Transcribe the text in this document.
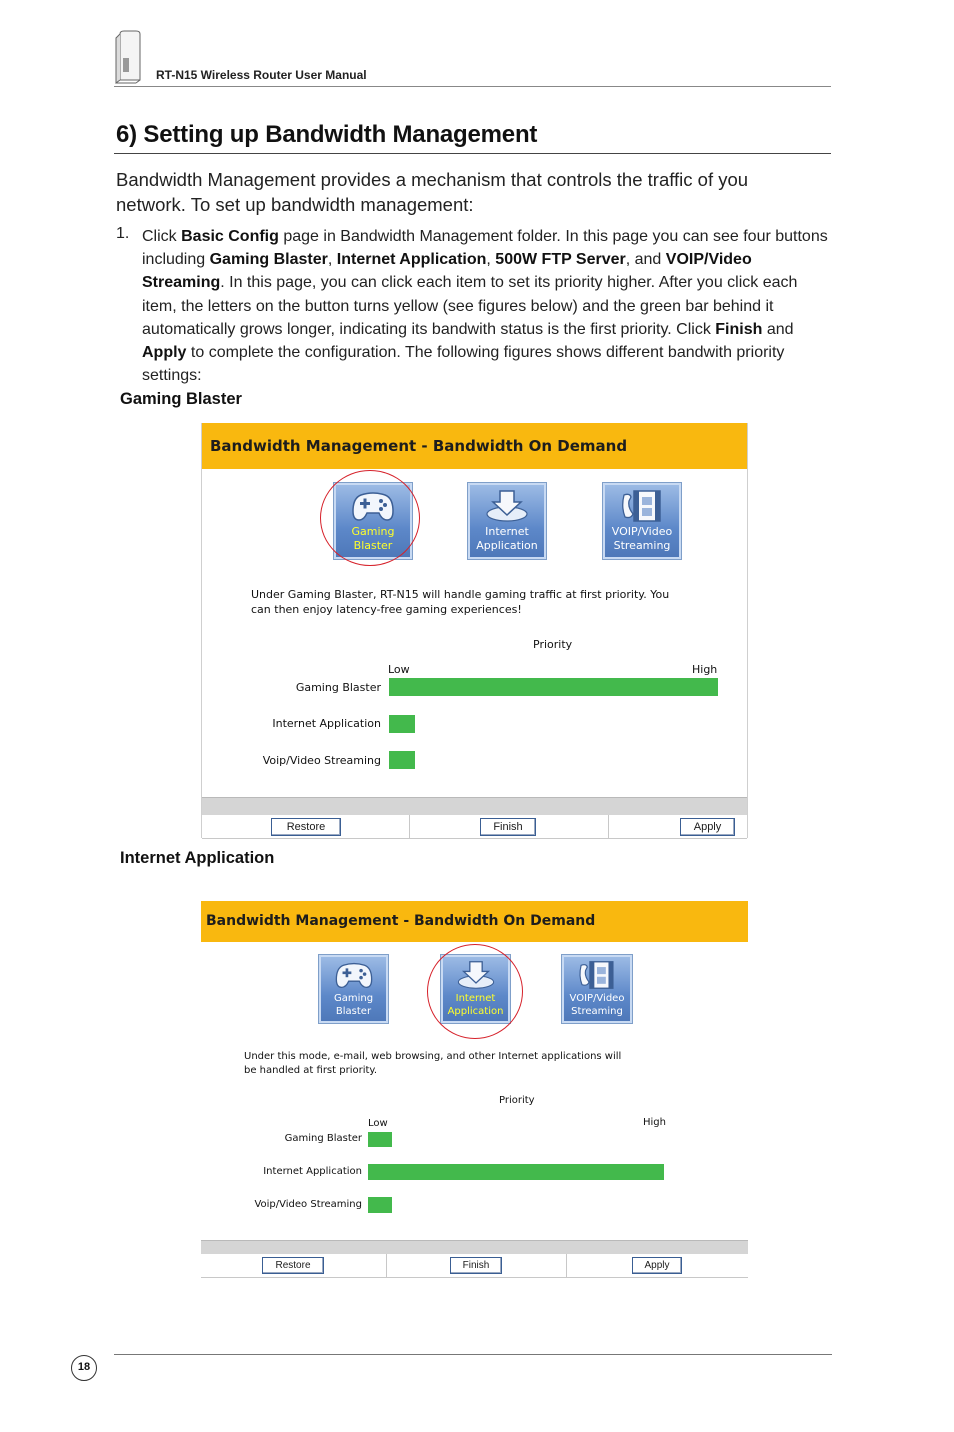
RT-N15 Wireless Router User Manual
6) Setting up Bandwidth Management
Bandwidth Management provides a mechanism that controls the traffic of you network. To set up bandwidth management:
1. Click Basic Config page in Bandwidth Management folder. In this page you can see four buttons including Gaming Blaster, Internet Application, 500W FTP Server, and VOIP/Video Streaming. In this page, you can click each item to set its priority higher. After you click each item, the letters on the button turns yellow (see figures below) and the green bar behind it automatically grows longer, indicating its bandwith status is the first priority. Click Finish and Apply to complete the configuration. The following figures shows different bandwith priority settings:
Gaming Blaster
Bandwidth Management - Bandwidth On Demand
Gaming
Blaster
Internet
Application
VOIP/Video
Streaming
Under Gaming Blaster, RT-N15 will handle gaming traffic at first priority. You
can then enjoy latency-free gaming experiences!
Priority
Low	High
Gaming Blaster
Internet Application
Voip/Video Streaming
Restore	Finish	Apply
Internet Application
Bandwidth Management - Bandwidth On Demand
Gaming
Blaster
Internet
Application
VOIP/Video
Streaming
Under this mode, e-mail, web browsing, and other Internet applications will
be handled at first priority.
Priority
Low	High
Gaming Blaster
Internet Application
Voip/Video Streaming
Restore	Finish	Apply
18
